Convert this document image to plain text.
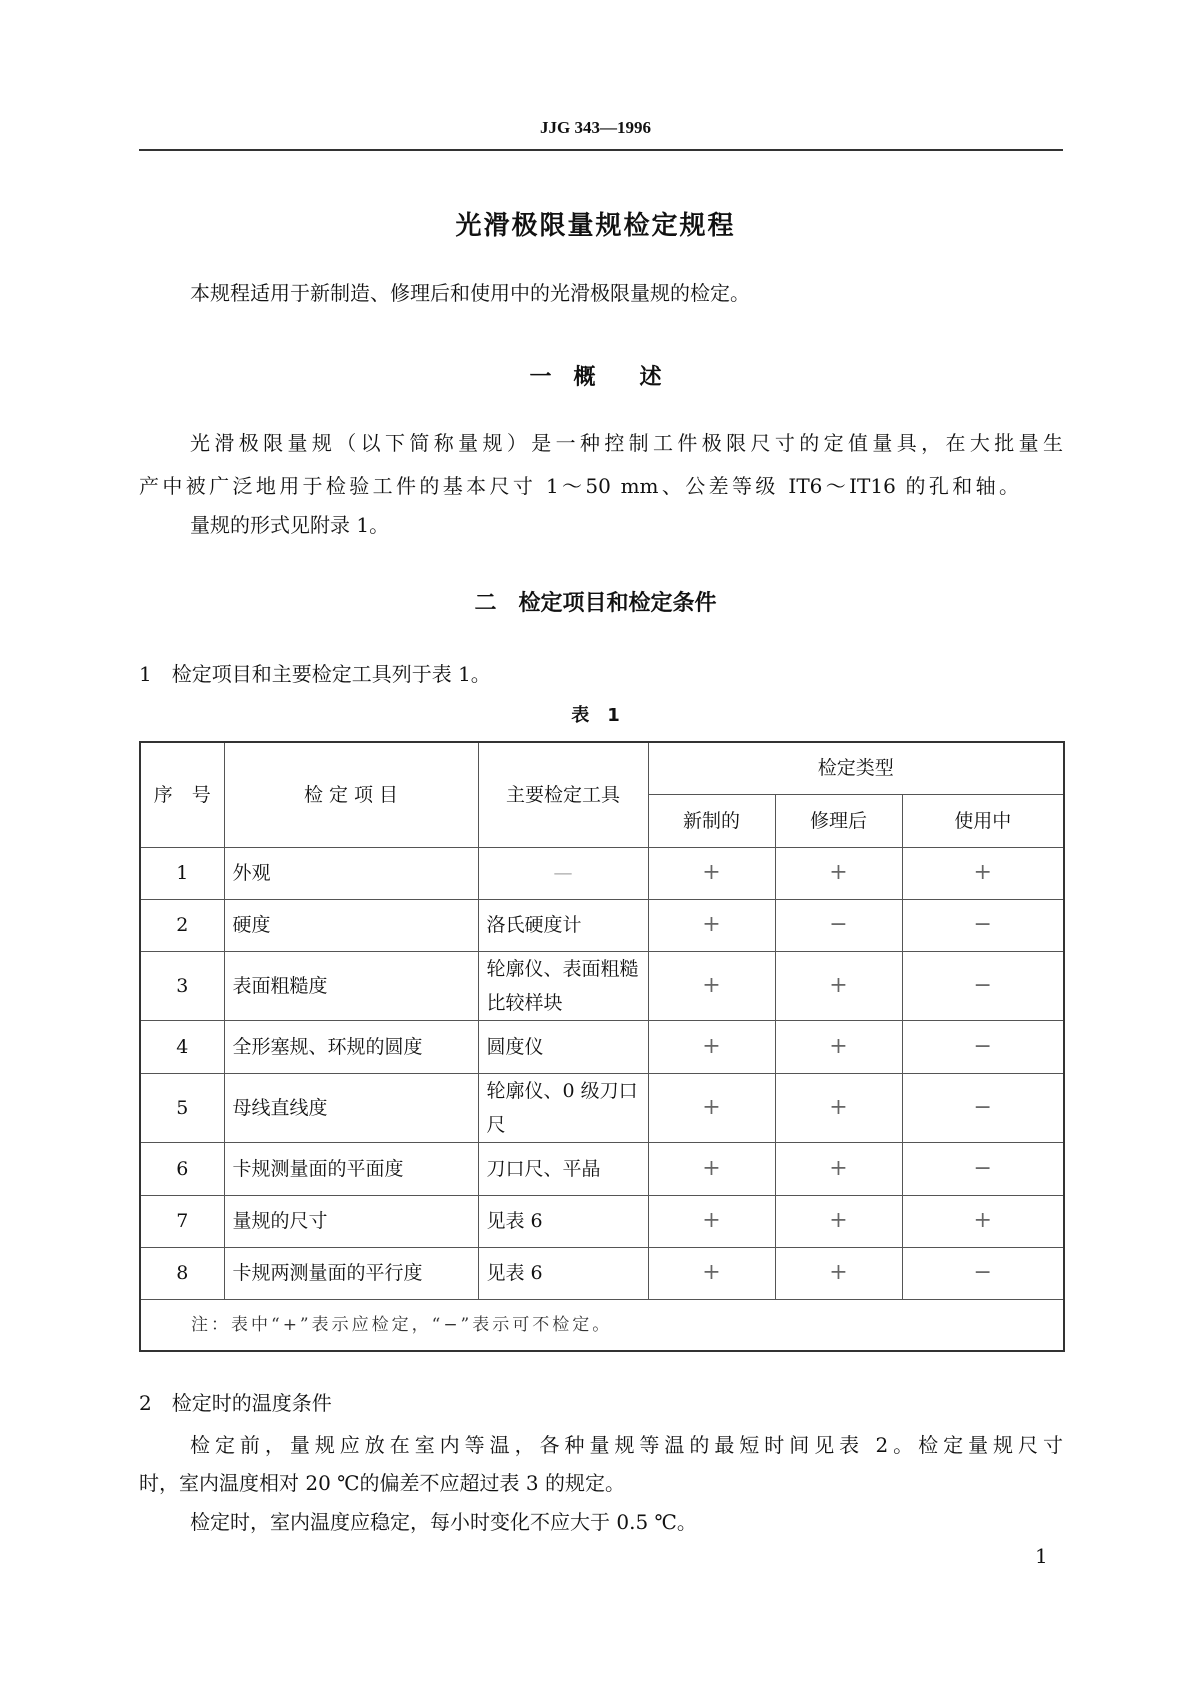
JJG 343—1996
光滑极限量规检定规程
本规程适用于新制造、修理后和使用中的光滑极限量规的检定。
一　概　　述
光滑极限量规（以下简称量规）是一种控制工件极限尺寸的定值量具，在大批量生
产中被广泛地用于检验工件的基本尺寸 1～50 mm、公差等级 IT6～IT16 的孔和轴。
量规的形式见附录 1。
二　检定项目和检定条件
1　检定项目和主要检定工具列于表 1。
表　1
序　号	检 定 项 目	主要检定工具	检定类型		
			新制的	修理后	使用中
1	外观	—	+	+	+
2	硬度	洛氏硬度计	+	−	−
3	表面粗糙度	轮廓仪、表面粗糙比较样块	+	+	−
4	全形塞规、环规的圆度	圆度仪	+	+	−
5	母线直线度	轮廓仪、0 级刀口尺	+	+	−
6	卡规测量面的平面度	刀口尺、平晶	+	+	−
7	量规的尺寸	见表 6	+	+	+
8	卡规两测量面的平行度	见表 6	+	+	−
注：表中“+”表示应检定，“−”表示可不检定。					
2　检定时的温度条件
检定前，量规应放在室内等温，各种量规等温的最短时间见表 2。检定量规尺寸
时，室内温度相对 20 ℃的偏差不应超过表 3 的规定。
检定时，室内温度应稳定，每小时变化不应大于 0.5 ℃。
1
